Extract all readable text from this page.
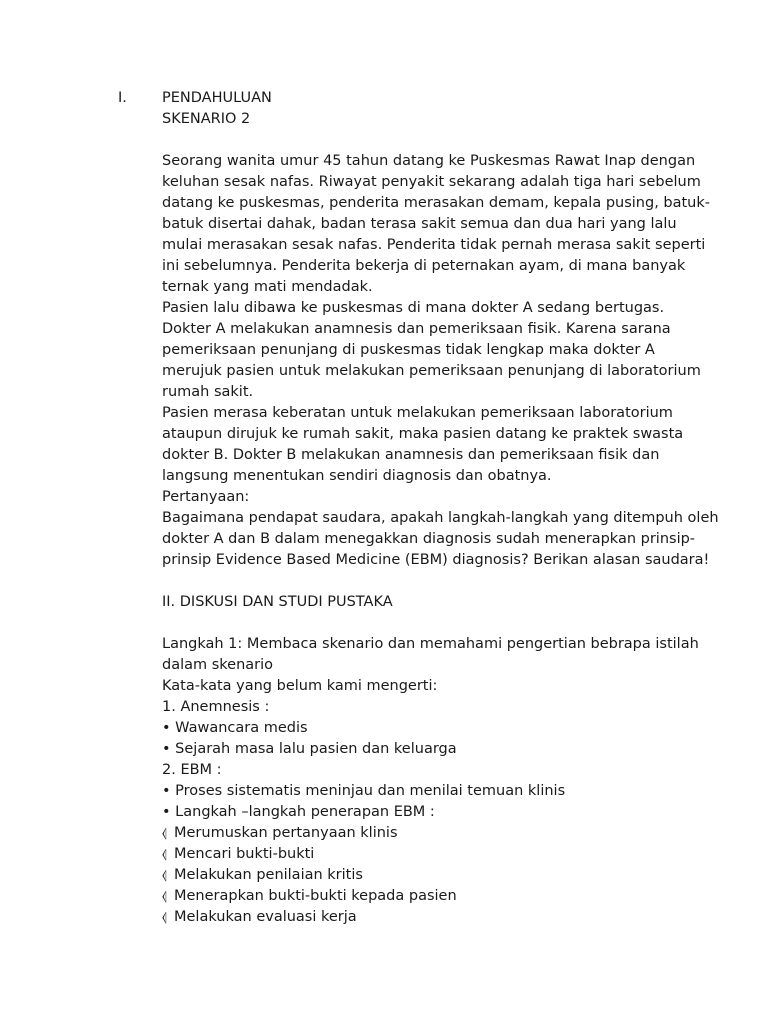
I.	PENDAHULUAN
SKENARIO 2
Seorang wanita umur 45 tahun datang ke Puskesmas Rawat Inap dengan
keluhan sesak nafas. Riwayat penyakit sekarang adalah tiga hari sebelum
datang ke puskesmas, penderita merasakan demam, kepala pusing, batuk-
batuk disertai dahak, badan terasa sakit semua dan dua hari yang lalu
mulai merasakan sesak nafas. Penderita tidak pernah merasa sakit seperti
ini sebelumnya. Penderita bekerja di peternakan ayam, di mana banyak
ternak yang mati mendadak.
Pasien lalu dibawa ke puskesmas di mana dokter A sedang bertugas.
Dokter A melakukan anamnesis dan pemeriksaan fisik. Karena sarana
pemeriksaan penunjang di puskesmas tidak lengkap maka dokter A
merujuk pasien untuk melakukan pemeriksaan penunjang di laboratorium
rumah sakit.
Pasien merasa keberatan untuk melakukan pemeriksaan laboratorium
ataupun dirujuk ke rumah sakit, maka pasien datang ke praktek swasta
dokter B. Dokter B melakukan anamnesis dan pemeriksaan fisik dan
langsung menentukan sendiri diagnosis dan obatnya.
Pertanyaan:
Bagaimana pendapat saudara, apakah langkah-langkah yang ditempuh oleh
dokter A dan B dalam menegakkan diagnosis sudah menerapkan prinsip-
prinsip Evidence Based Medicine (EBM) diagnosis? Berikan alasan saudara!
II. DISKUSI DAN STUDI PUSTAKA
Langkah 1: Membaca skenario dan memahami pengertian bebrapa istilah
dalam skenario
Kata-kata yang belum kami mengerti:
1. Anemnesis :
• Wawancara medis
• Sejarah masa lalu pasien dan keluarga
2. EBM :
• Proses sistematis meninjau dan menilai temuan klinis
• Langkah –langkah penerapan EBM :
⦉ Merumuskan pertanyaan klinis
⦉ Mencari bukti-bukti
⦉ Melakukan penilaian kritis
⦉ Menerapkan bukti-bukti kepada pasien
⦉ Melakukan evaluasi kerja
